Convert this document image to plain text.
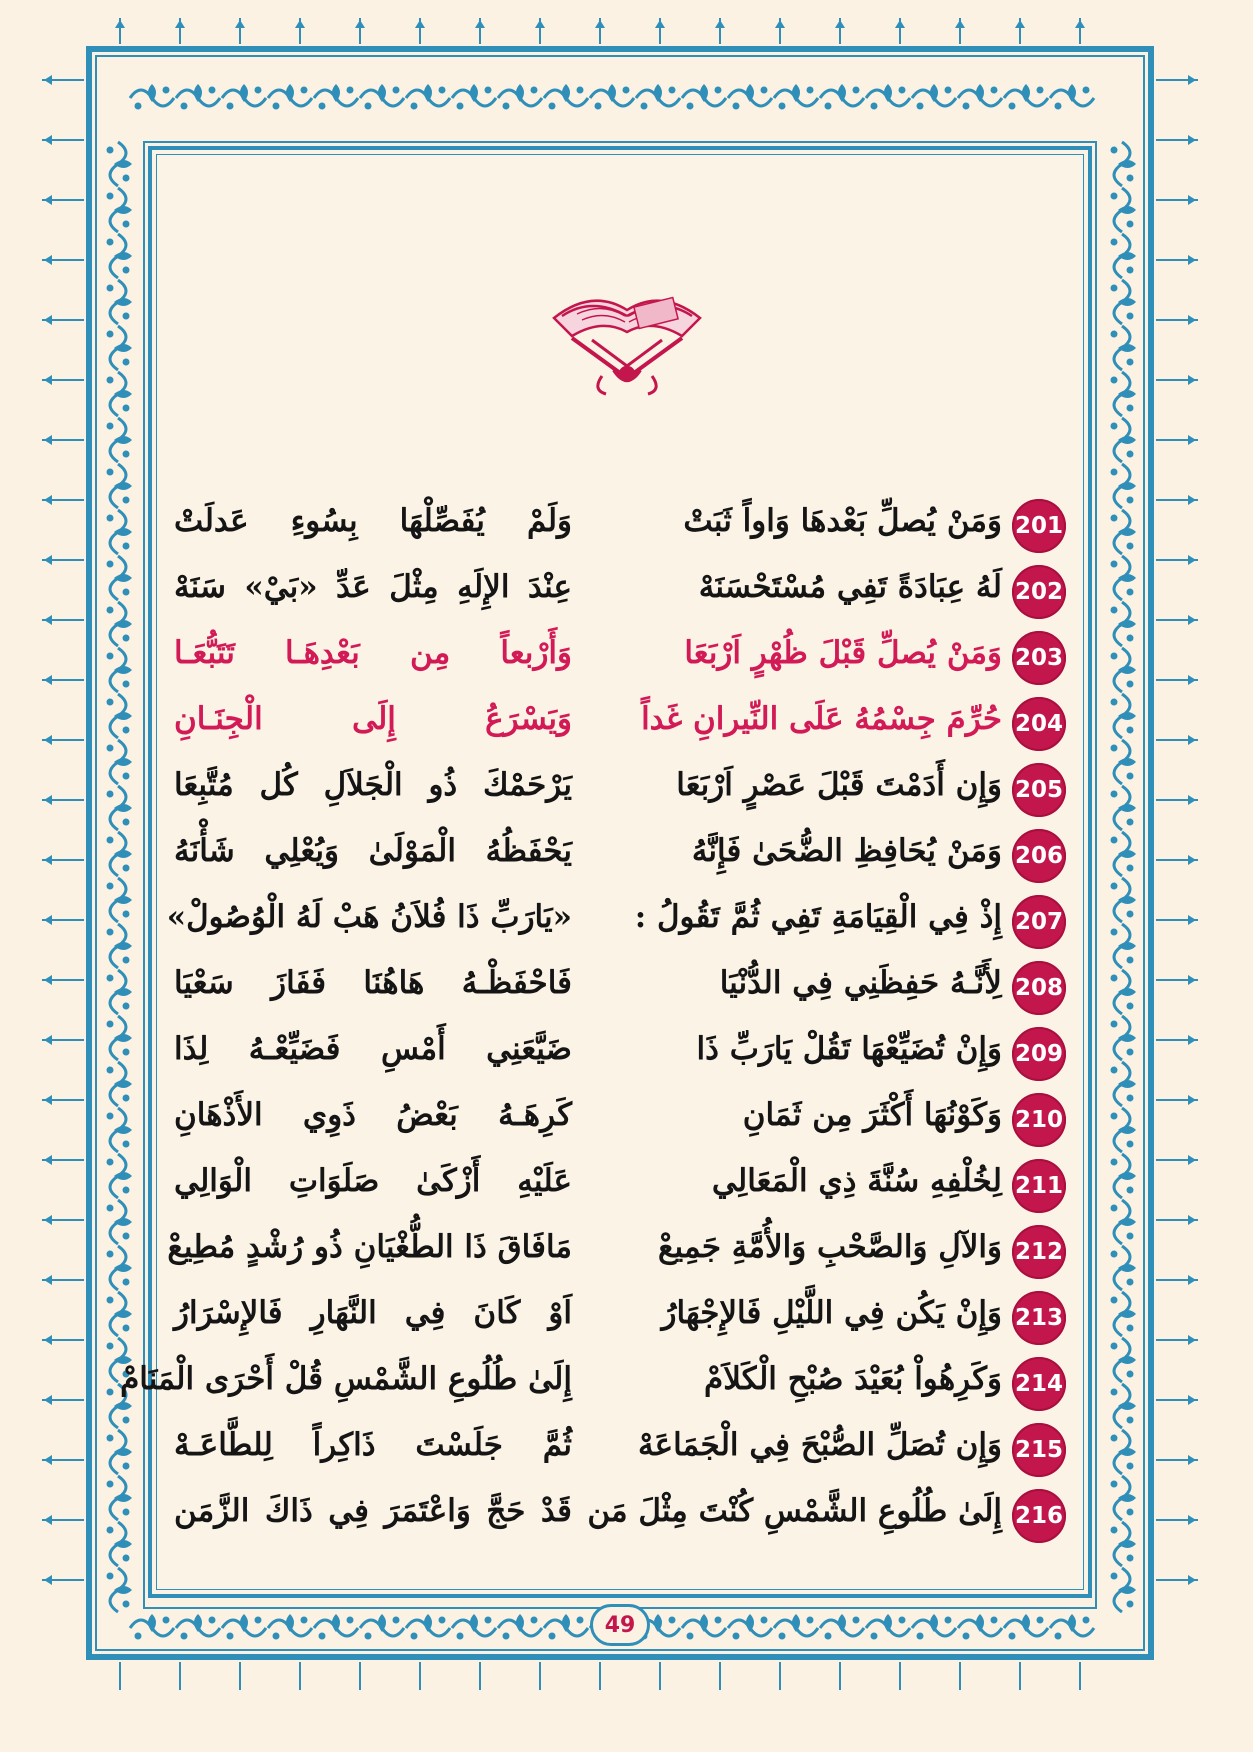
201
وَمَنْ يُصلِّ بَعْدهَا وَاواً ثَبَتْ
وَلَمْ يُفَصِّلْهَا بِسُوءِ عَدلَتْ
202
لَهُ عِبَادَةً تَفِي مُسْتَحْسَنَهْ
عِنْدَ الإِلَهِ مِثْلَ عَدِّ «بَيْ» سَنَهْ
203
وَمَنْ يُصلِّ قَبْلَ ظُهْرٍ اَرْبَعَا
وَأَرْبعاً مِن بَعْدِهَـا تَتَبُّعَـا
204
حُرِّمَ جِسْمُهُ عَلَى النِّيرانِ غَداً
وَيَسْرَعُ إِلَى الْجِنَـانِ
205
وَإِن أَدَمْتَ قَبْلَ عَصْرٍ اَرْبَعَا
يَرْحَمْكَ ذُو الْجَلاَلِ كُل مُتَّبِعَا
206
وَمَنْ يُحَافِظِ الضُّحَىٰ فَإِنَّهُ
يَحْفَظُهُ الْمَوْلَىٰ وَيُعْلِي شَأْنَهُ
207
إِذْ فِي الْقِيَامَةِ تَفِي ثُمَّ تَقُولُ :
«يَارَبِّ ذَا فُلاَنُ هَبْ لَهُ الْوُصُولْ»
208
لِأَنَّـهُ حَفِظَنِي فِي الدُّنْيَا
فَاحْفَظْـهُ هَاهُنَا فَفَازَ سَعْيَا
209
وَإِنْ تُضَيِّعْهَا تَقُلْ يَارَبِّ ذَا
ضَيَّعَنِي أَمْسِ فَضَيِّعْـهُ لِذَا
210
وَكَوْنُهَا أَكْثَرَ مِن ثَمَانِ
كَرِهَـهُ بَعْضُ ذَوِي الأَذْهَانِ
211
لِخُلْفِهِ سُنَّةَ ذِي الْمَعَالِي
عَلَيْهِ أَزْكَىٰ صَلَوَاتِ الْوَالِي
212
وَالآلِ وَالصَّحْبِ وَالأُمَّةِ جَمِيعْ
مَافَاقَ ذَا الطُّغْيَانِ ذُو رُشْدٍ مُطِيعْ
213
وَإِنْ يَكُن فِي اللَّيْلِ فَالإِجْهَارُ
اَوْ كَانَ فِي النَّهَارِ فَالإِسْرَارُ
214
وَكَرِهُواْ بُعَيْدَ صُبْحِ الْكَلاَمْ
إِلَىٰ طُلُوعِ الشَّمْسِ قُلْ أَحْرَى الْمَنَامْ
215
وَإِن تُصَلِّ الصُّبْحَ فِي الْجَمَاعَهْ
ثُمَّ جَلَسْتَ ذَاكِراً لِلطَّاعَـهْ
216
إِلَىٰ طُلُوعِ الشَّمْسِ كُنْتَ مِثْلَ مَن
قَدْ حَجَّ وَاعْتَمَرَ فِي ذَاكَ الزَّمَن
49
